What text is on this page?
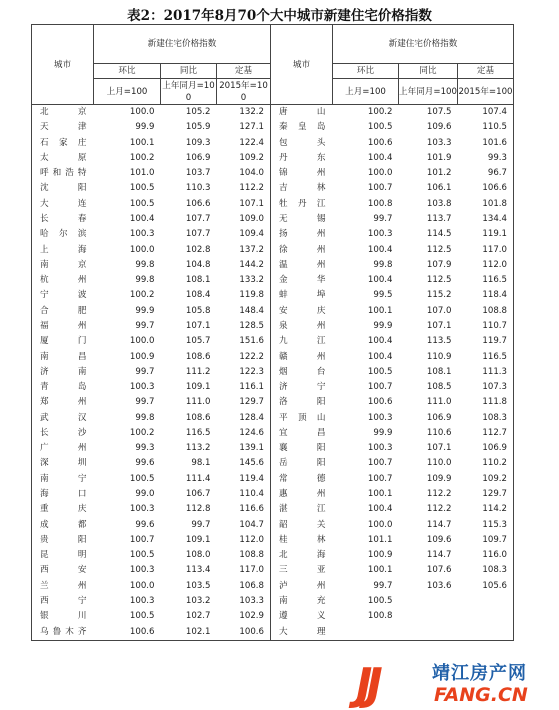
表2：2017年8月70个大中城市新建住宅价格指数
城市	新建住宅价格指数			城市	新建住宅价格指数		
	环比	同比	定基		环比	同比	定基
	上月=100	上年同月=100	2015年=100		上月=100	上年同月=100	2015年=100
北　京	100.0	105.2	132.2	唐　山	100.2	107.5	107.4
天　津	99.9	105.9	127.1	秦皇岛	100.5	109.6	110.5
石家庄	100.1	109.3	122.4	包　头	100.6	103.3	101.6
太　原	100.2	106.9	109.2	丹　东	100.4	101.9	99.3
呼和浩特	101.0	103.7	104.0	锦　州	100.0	101.2	96.7
沈　阳	100.5	110.3	112.2	吉　林	100.7	106.1	106.6
大　连	100.5	106.6	107.1	牡丹江	100.8	103.8	101.8
长　春	100.4	107.7	109.0	无　锡	99.7	113.7	134.4
哈尔滨	100.3	107.7	109.4	扬　州	100.3	114.5	119.1
上　海	100.0	102.8	137.2	徐　州	100.4	112.5	117.0
南　京	99.8	104.8	144.2	温　州	99.8	107.9	112.0
杭　州	99.8	108.1	133.2	金　华	100.4	112.5	116.5
宁　波	100.2	108.4	119.8	蚌　埠	99.5	115.2	118.4
合　肥	99.9	105.8	148.4	安　庆	100.1	107.0	108.8
福　州	99.7	107.1	128.5	泉　州	99.9	107.1	110.7
厦　门	100.0	105.7	151.6	九　江	100.4	113.5	119.7
南　昌	100.9	108.6	122.2	赣　州	100.4	110.9	116.5
济　南	99.7	111.2	122.3	烟　台	100.5	108.1	111.3
青　岛	100.3	109.1	116.1	济　宁	100.7	108.5	107.3
郑　州	99.7	111.0	129.7	洛　阳	100.6	111.0	111.8
武　汉	99.8	108.6	128.4	平顶山	100.3	106.9	108.3
长　沙	100.2	116.5	124.6	宜　昌	99.9	110.6	112.7
广　州	99.3	113.2	139.1	襄　阳	100.3	107.1	106.9
深　圳	99.6	98.1	145.6	岳　阳	100.7	110.0	110.2
南　宁	100.5	111.4	119.4	常　德	100.7	109.9	109.2
海　口	99.0	106.7	110.4	惠　州	100.1	112.2	129.7
重　庆	100.3	112.8	116.6	湛　江	100.4	112.2	114.2
成　都	99.6	99.7	104.7	韶　关	100.0	114.7	115.3
贵　阳	100.7	109.1	112.0	桂　林	101.1	109.6	109.7
昆　明	100.5	108.0	108.8	北　海	100.9	114.7	116.0
西　安	100.3	113.4	117.0	三　亚	100.1	107.6	108.3
兰　州	100.0	103.5	106.8	泸　州	99.7	103.6	105.6
西　宁	100.3	103.2	103.3	南　充	100.5		
银　川	100.5	102.7	102.9	遵　义	100.8		
乌鲁木齐	100.6	102.1	100.6	大　理			
JJ	靖江房产网
FANG.CN
